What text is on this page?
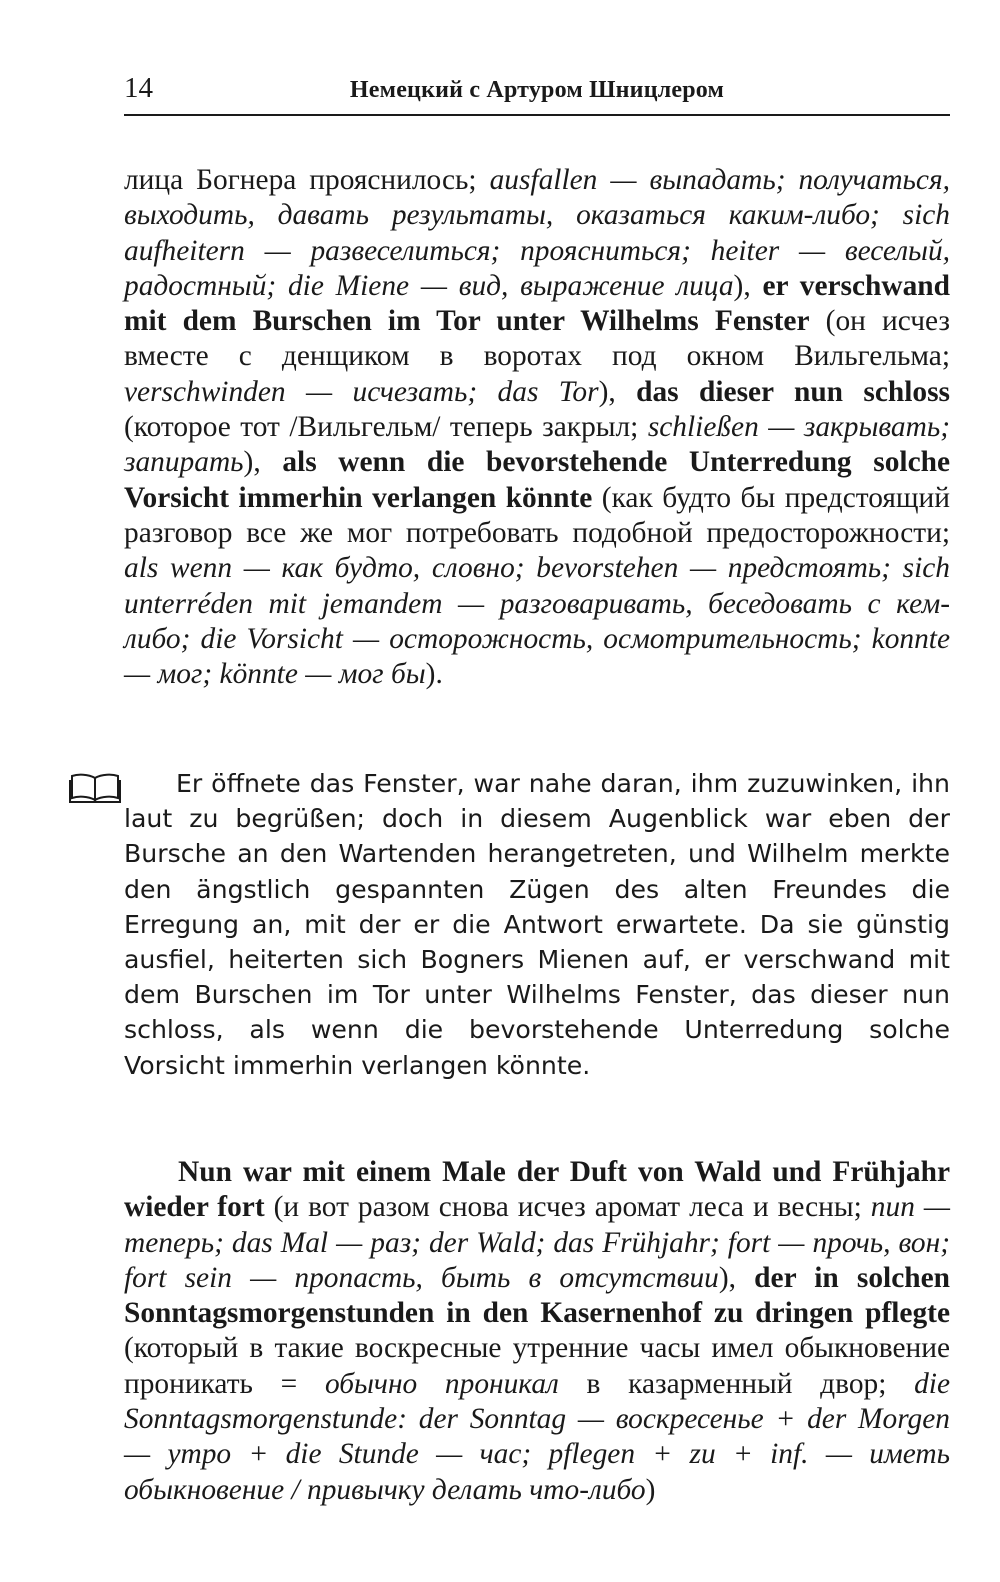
14	Немецкий с Артуром Шницлером
лица Богнера прояснилось; ausfallen — выпадать; получаться, выходить, давать результаты, оказаться каким-либо; sich aufheitern — развеселиться; проясниться; heiter — веселый, радостный; die Miene — вид, выражение лица), er verschwand mit dem Burschen im Tor unter Wilhelms Fenster (он исчез вместе с денщиком в воротах под окном Вильгельма; verschwinden — исчезать; das Tor), das dieser nun schloss (которое тот /Вильгельм/ теперь закрыл; schließen — закрывать; запирать), als wenn die bevorstehende Unterredung solche Vorsicht immerhin verlangen könnte (как будто бы предстоящий разговор все же мог потребовать подобной предосторожности; als wenn — как будто, словно; bevorstehen — предстоять; sich unterréden mit jemandem — разговаривать, беседовать с кем-либо; die Vorsicht — осторожность, осмотрительность; konnte — мог; könnte — мог бы).

Er öffnete das Fenster, war nahe daran, ihm zuzuwinken, ihn laut zu begrüßen; doch in diesem Augenblick war eben der Bursche an den Wartenden herangetreten, und Wilhelm merkte den ängstlich gespannten Zügen des alten Freundes die Erregung an, mit der er die Antwort erwartete. Da sie günstig ausfiel, heiterten sich Bogners Mienen auf, er verschwand mit dem Burschen im Tor unter Wilhelms Fenster, das dieser nun schloss, als wenn die bevorstehende Unterredung solche Vorsicht immerhin verlangen könnte.

Nun war mit einem Male der Duft von Wald und Frühjahr wieder fort (и вот разом снова исчез аромат леса и весны; nun — теперь; das Mal — раз; der Wald; das Frühjahr; fort — прочь, вон; fort sein — пропасть, быть в отсутствии), der in solchen Sonntagsmorgenstunden in den Kasernenhof zu dringen pflegte (который в такие воскресные утренние часы имел обыкновение проникать = обычно проникал в казарменный двор; die Sonntagsmorgenstunde: der Sonntag — воскресенье + der Morgen — утро + die Stunde — час; pflegen + zu + inf. — иметь обыкновение / привычку делать что-либо)
